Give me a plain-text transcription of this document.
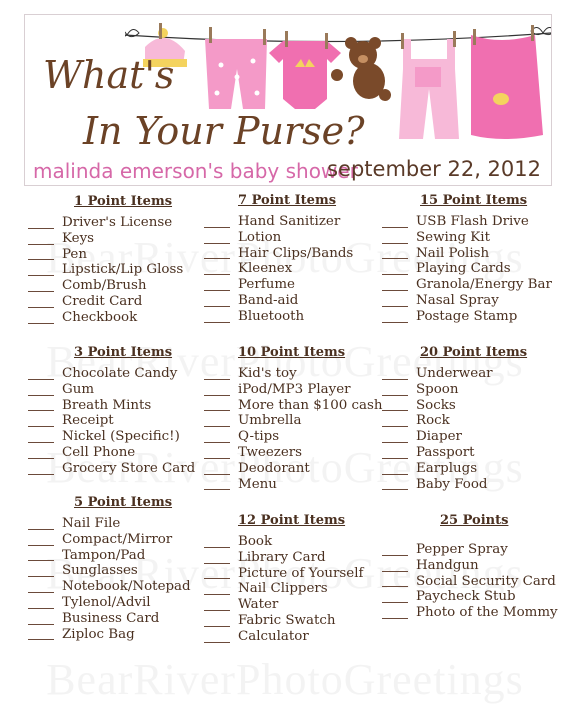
What's
In Your Purse?
malinda emerson's baby shower
september 22, 2012
1 Point Items
Driver's License
Keys
Pen
Lipstick/Lip Gloss
Comb/Brush
Credit Card
Checkbook
3 Point Items
Chocolate Candy
Gum
Breath Mints
Receipt
Nickel (Specific!)
Cell Phone
Grocery Store Card
5 Point Items
Nail File
Compact/Mirror
Tampon/Pad
Sunglasses
Notebook/Notepad
Tylenol/Advil
Business Card
Ziploc Bag
7 Point Items
Hand Sanitizer
Lotion
Hair Clips/Bands
Kleenex
Perfume
Band-aid
Bluetooth
10 Point Items
Kid's toy
iPod/MP3 Player
More than $100 cash
Umbrella
Q-tips
Tweezers
Deodorant
Menu
12 Point Items
Book
Library Card
Picture of Yourself
Nail Clippers
Water
Fabric Swatch
Calculator
15 Point Items
USB Flash Drive
Sewing Kit
Nail Polish
Playing Cards
Granola/Energy Bar
Nasal Spray
Postage Stamp
20 Point Items
Underwear
Spoon
Socks
Rock
Diaper
Passport
Earplugs
Baby Food
25 Points
Pepper Spray
Handgun
Social Security Card
Paycheck Stub
Photo of the Mommy
